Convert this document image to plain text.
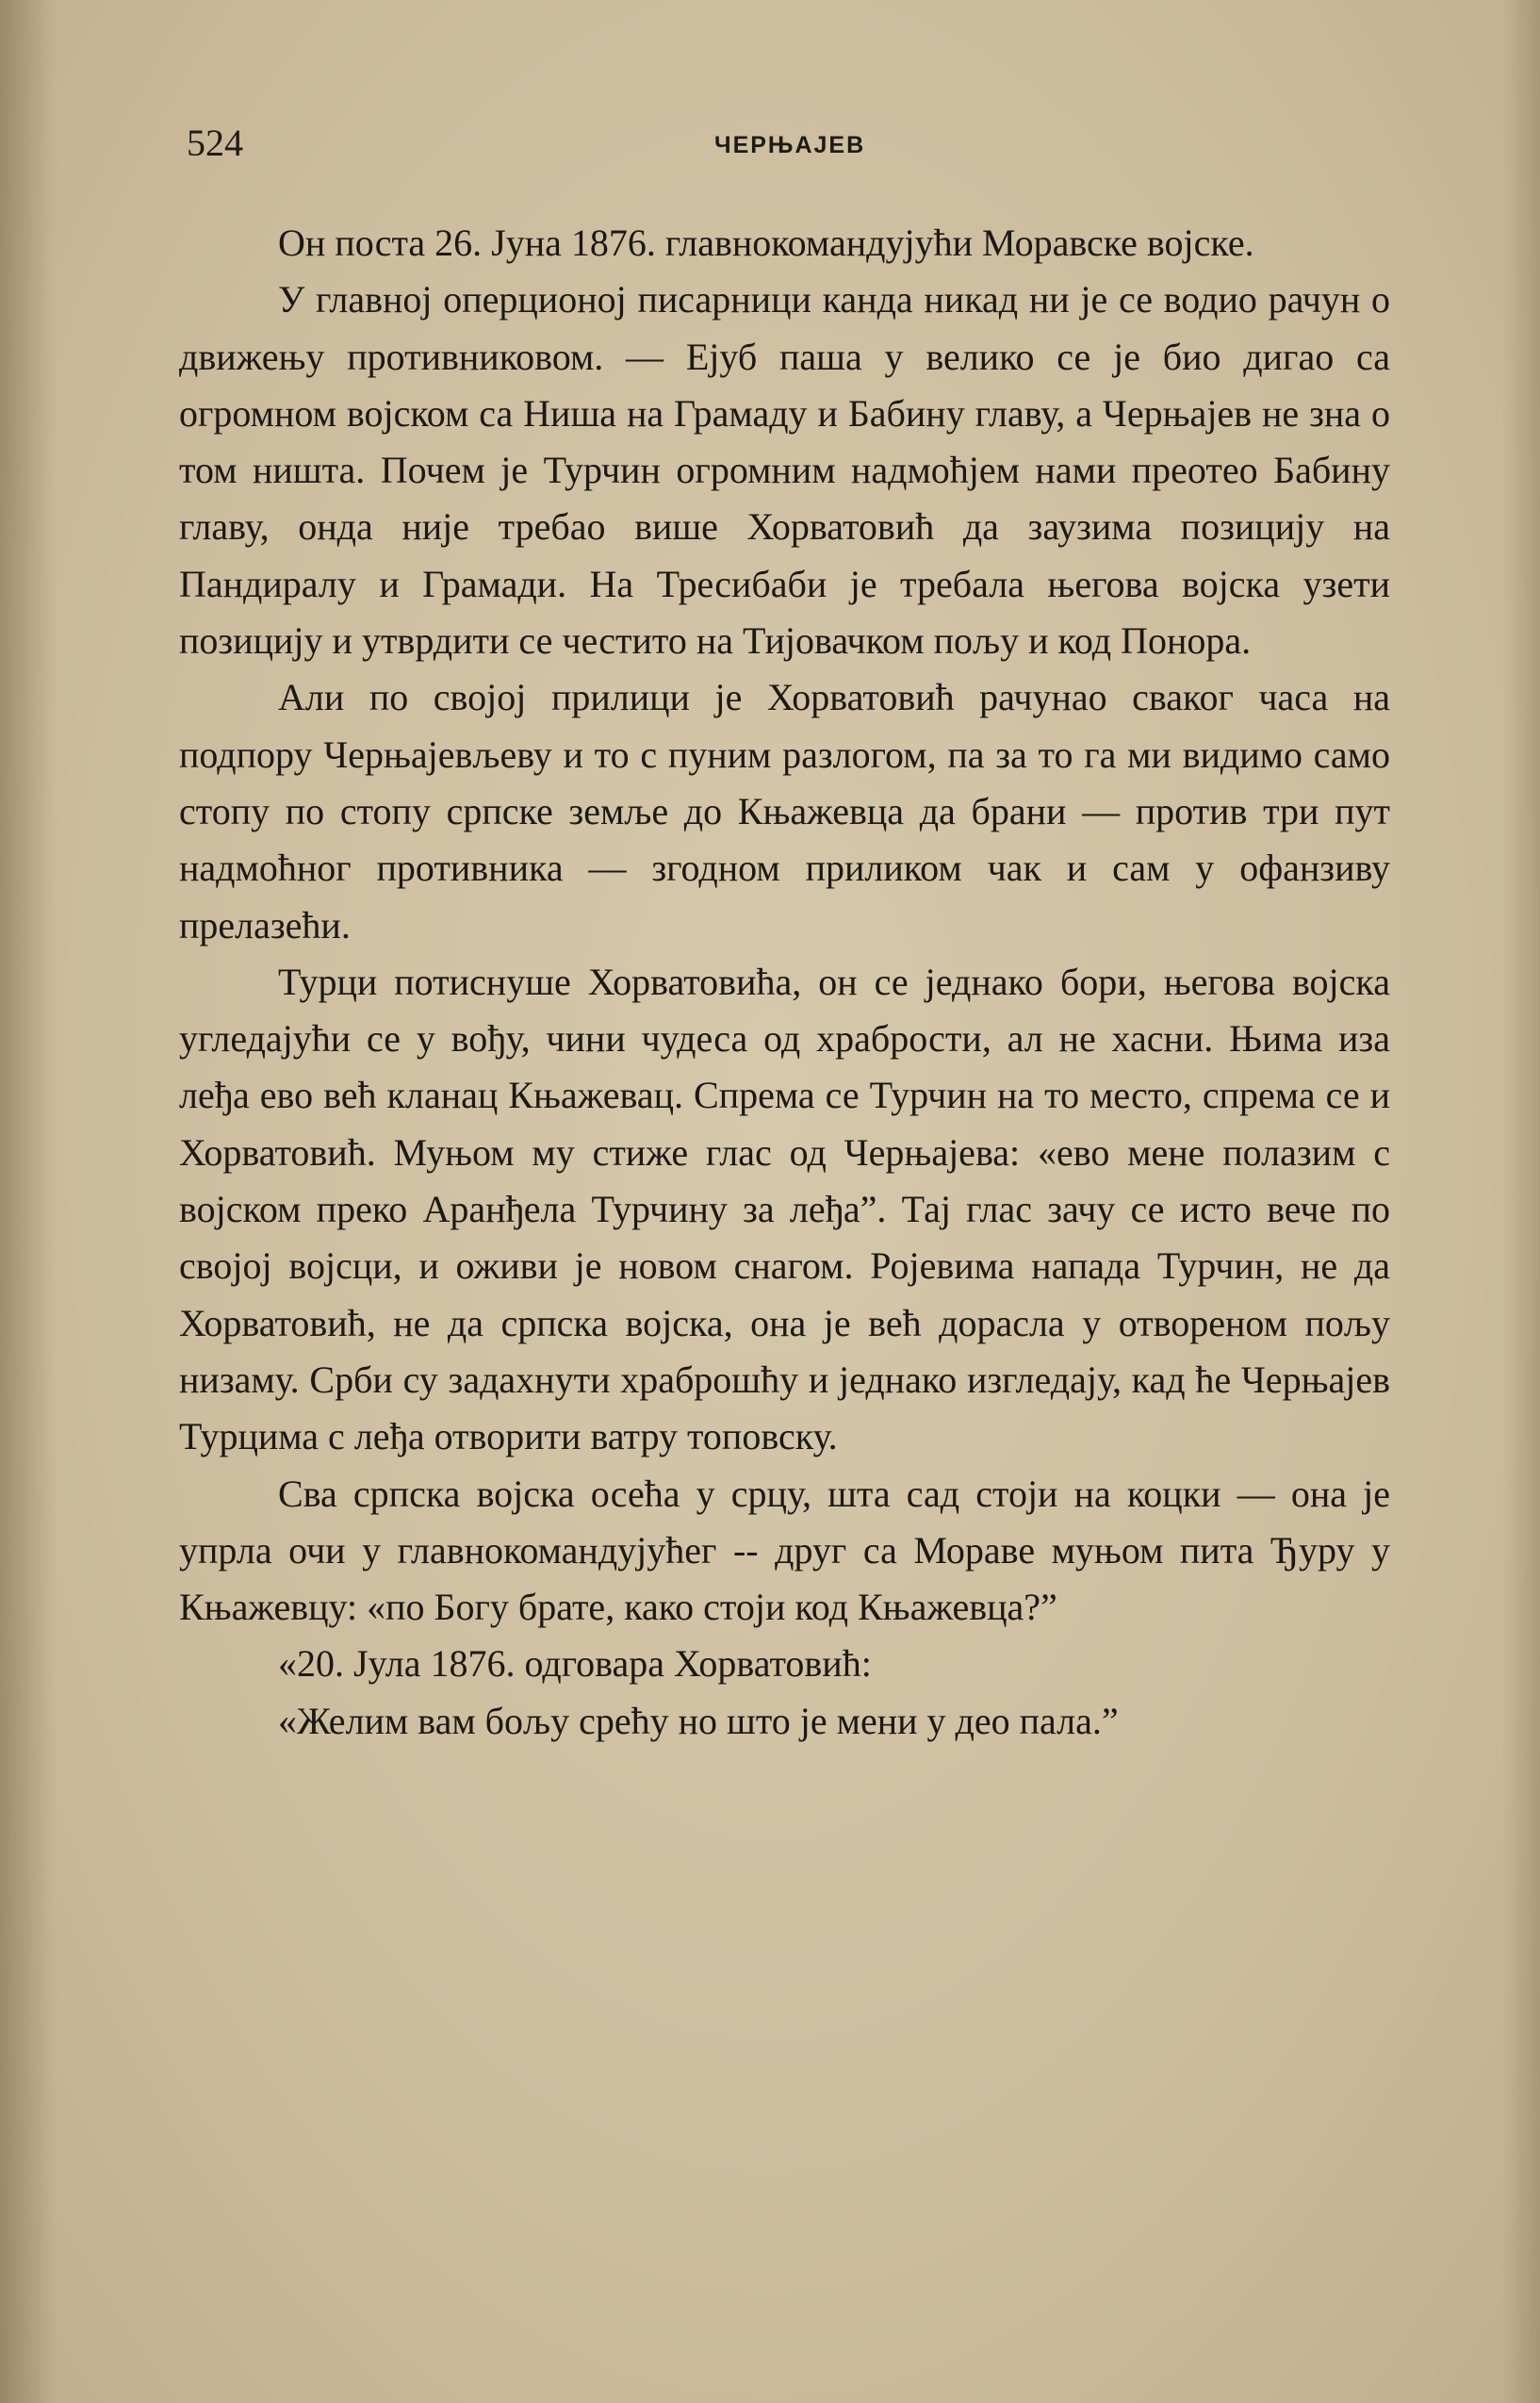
524	ЧЕРЊАЈЕВ

Он поста 26. Јуна 1876. главнокомандујући Моравске војске.

У главној оперционој писарници канда никад ни је се водио рачун о движењу противниковом. — Ејуб паша у велико се је био дигао са огромном војском са Ниша на Грамаду и Бабину главу, а Черњајев не зна о том ништа. Почем је Турчин огромним надмоћјем нами преотео Бабину главу, онда није требао више Хорватовић да заузима позицију на Пандиралу и Грамади. На Тресибаби је требала његова војска узети позицију и утврдити се честито на Тијовачком пољу и код Понора.

Али по својој прилици је Хорватовић рачунао сваког часа на подпору Черњајевљеву и то с пуним разлогом, па за то га ми видимо само стопу по стопу српске земље до Књажевца да брани — против три пут надмоћног противника — згодном приликом чак и сам у офанзиву прелазећи.

Турци потиснуше Хорватовића, он се једнако бори, његова војска угледајући се у вођу, чини чудеса од храбрости, ал не хасни. Њима иза леђа ево већ кланац Књажевац. Спрема се Турчин на то место, спрема се и Хорватовић. Муњом му стиже глас од Черњајева: «ево мене полазим с војском преко Аранђела Турчину за леђа”. Тај глас зачу се исто вече по својој војсци, и оживи је новом снагом. Ројевима напада Турчин, не да Хорватовић, не да српска војска, она је већ дорасла у отвореном пољу низаму. Срби су задахнути храброшћу и једнако изгледају, кад ће Черњајев Турцима с леђа отворити ватру топовску.

Сва српска војска осећа у срцу, шта сад стоји на коцки — она је упрла очи у главнокомандујућег -- друг са Мораве муњом пита Ђуру у Књажевцу: «по Богу брате, како стоји код Књажевца?”

«20. Јула 1876. одговара Хорватовић:

«Желим вам бољу срећу но што је мени у део пала.”
